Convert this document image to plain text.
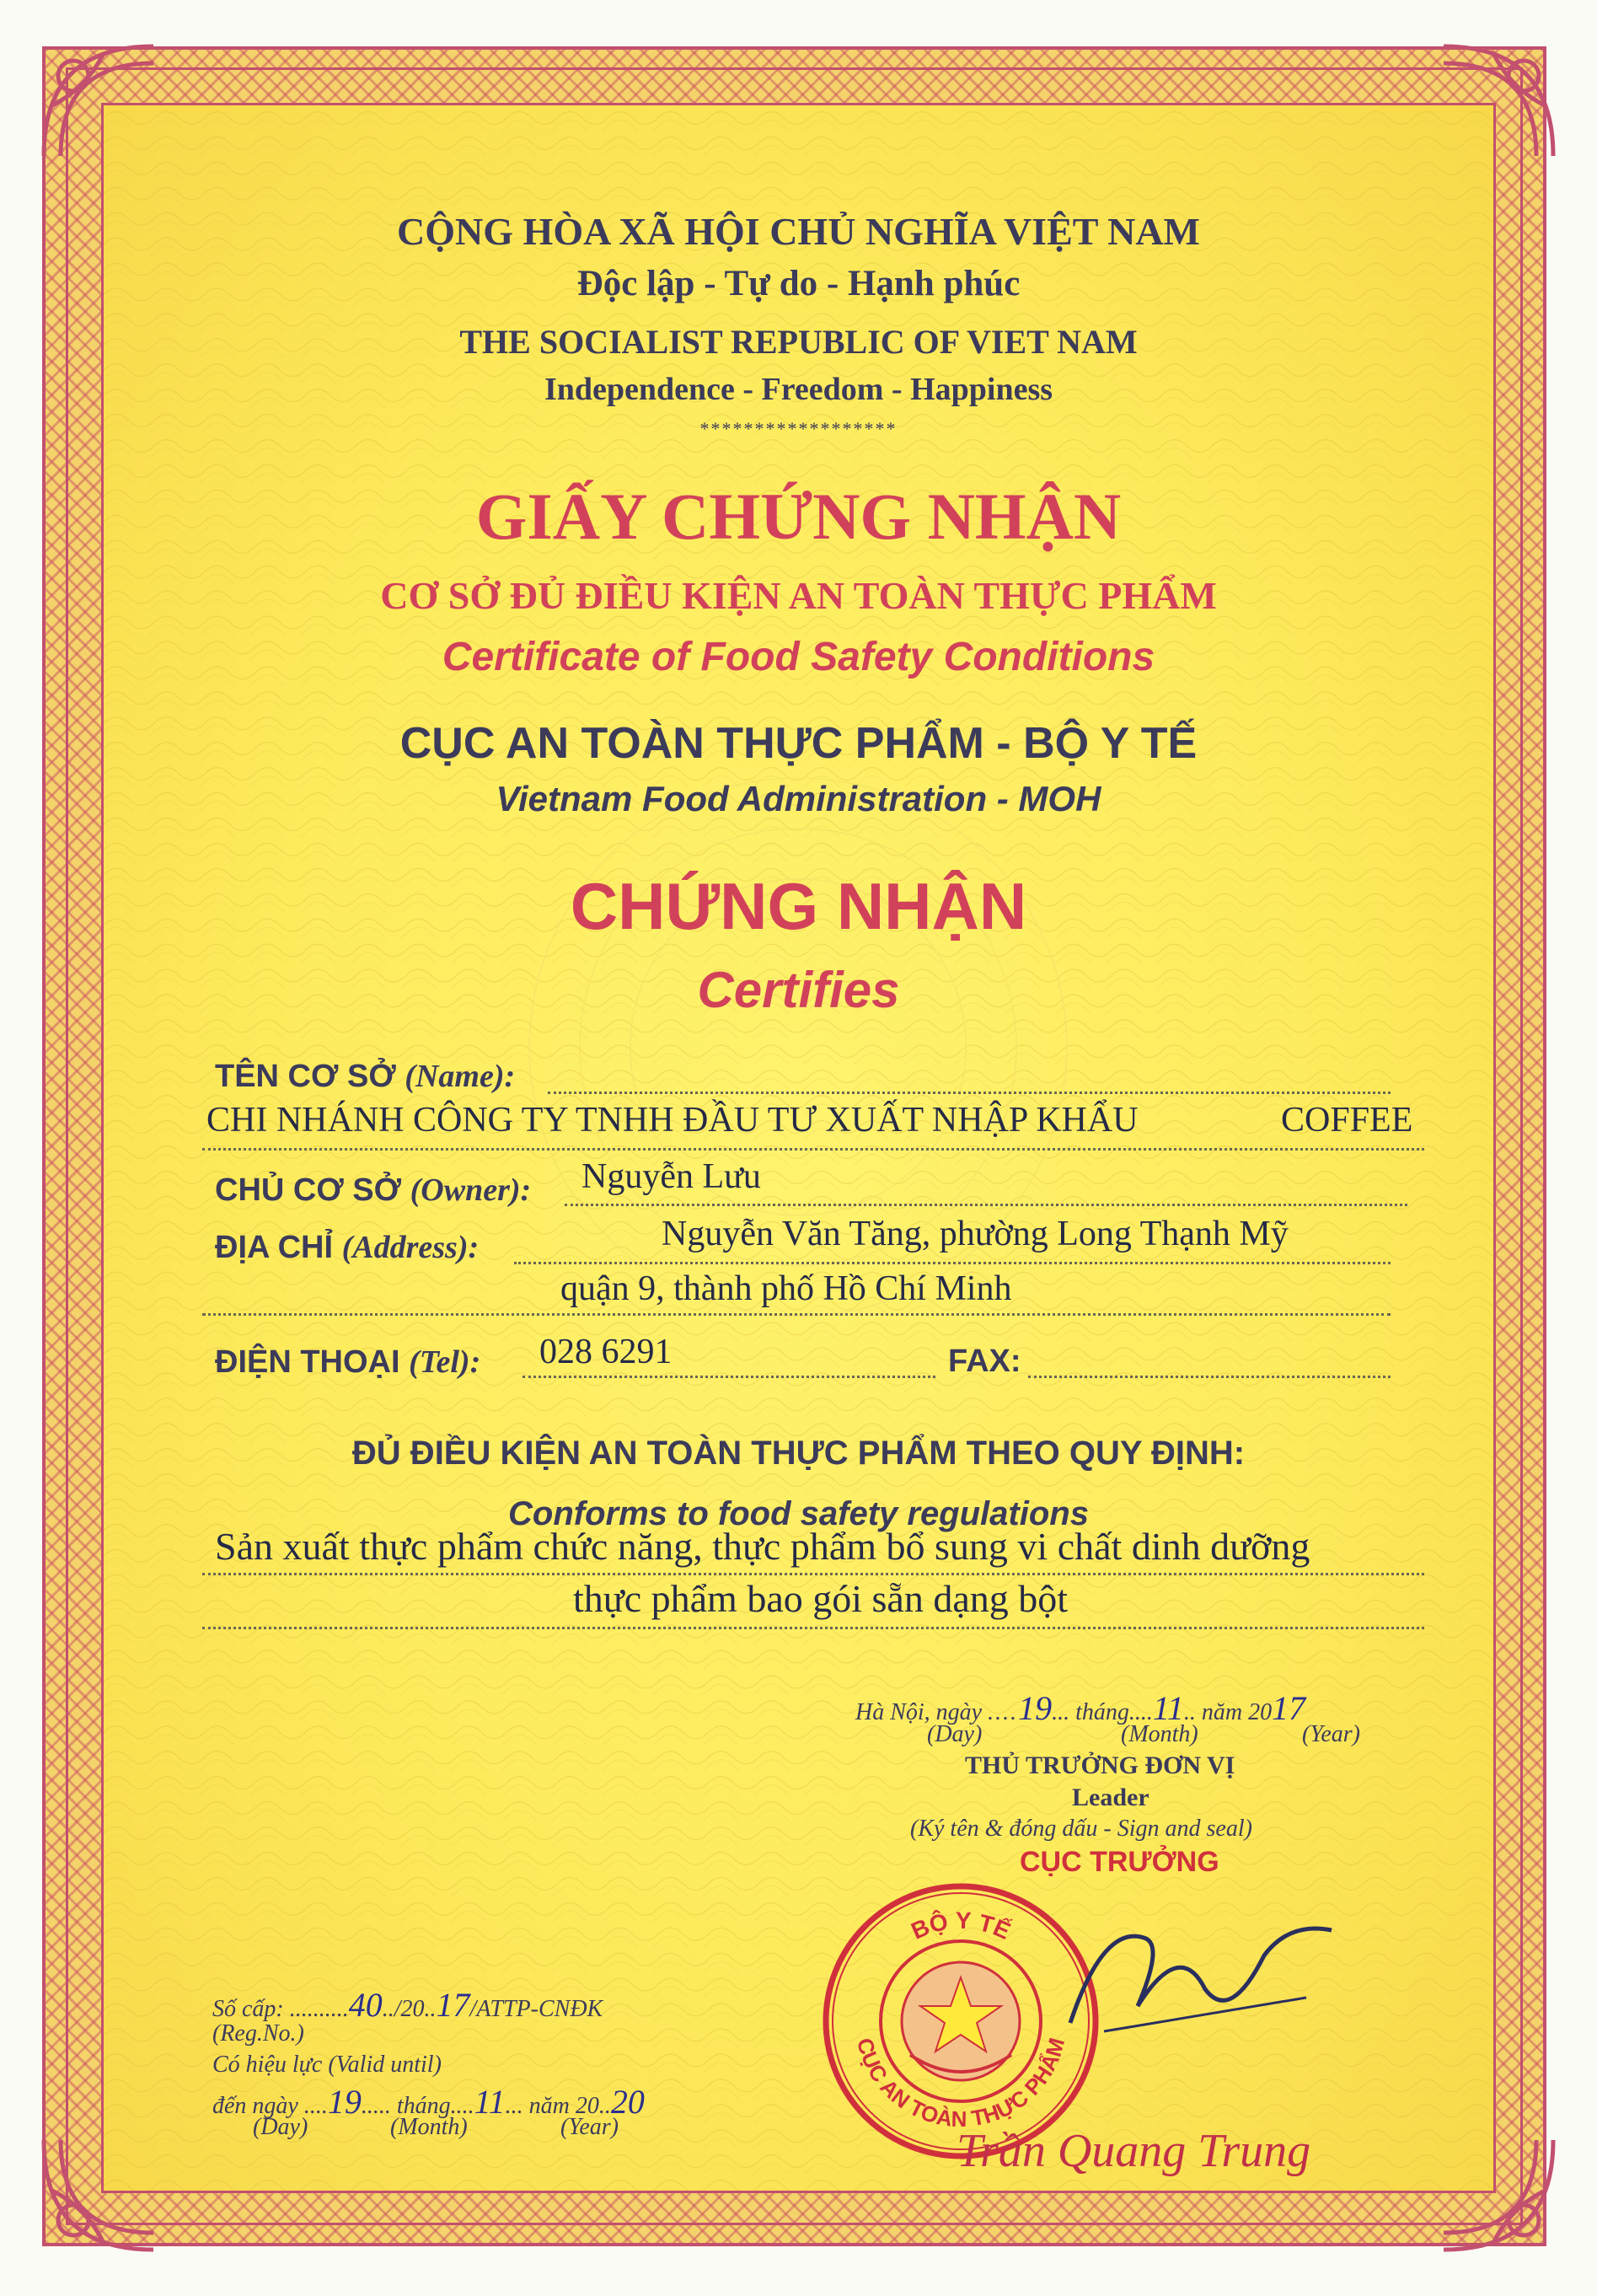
CỘNG HÒA XÃ HỘI CHỦ NGHĨA VIỆT NAM
Độc lập - Tự do - Hạnh phúc
THE SOCIALIST REPUBLIC OF VIET NAM
Independence - Freedom - Happiness
******************
GIẤY CHỨNG NHẬN
CƠ SỞ ĐỦ ĐIỀU KIỆN AN TOÀN THỰC PHẨM
Certificate of Food Safety Conditions
CỤC AN TOÀN THỰC PHẨM - BỘ Y TẾ
Vietnam Food Administration - MOH
CHỨNG NHẬN
Certifies
TÊN CƠ SỞ (Name):
CHI NHÁNH CÔNG TY TNHH ĐẦU TƯ XUẤT NHẬP KHẨU	COFFEE
CHỦ CƠ SỞ (Owner): Nguyễn Lưu
ĐỊA CHỈ (Address):	Nguyễn Văn Tăng, phường Long Thạnh Mỹ
quận 9, thành phố Hồ Chí Minh
ĐIỆN THOẠI (Tel): 028 6291	FAX:
ĐỦ ĐIỀU KIỆN AN TOÀN THỰC PHẨM THEO QUY ĐỊNH:
Conforms to food safety regulations
Sản xuất thực phẩm chức năng, thực phẩm bổ sung vi chất dinh dưỡng
thực phẩm bao gói sẵn dạng bột
Hà Nội, ngày ....19... tháng....11.. năm 2017
(Day)	(Month)	(Year)
THỦ TRƯỞNG ĐƠN VỊ
Leader
(Ký tên & đóng dấu - Sign and seal)
CỤC TRƯỞNG
BỘ Y TẾ
CỤC AN TOÀN THỰC PHẨM
Trần Quang Trung
Số cấp: ..........40../20..17/ATTP-CNĐK
(Reg.No.)
Có hiệu lực (Valid until)
đến ngày ....19..... tháng....11... năm 20..20
(Day)	(Month)	(Year)
